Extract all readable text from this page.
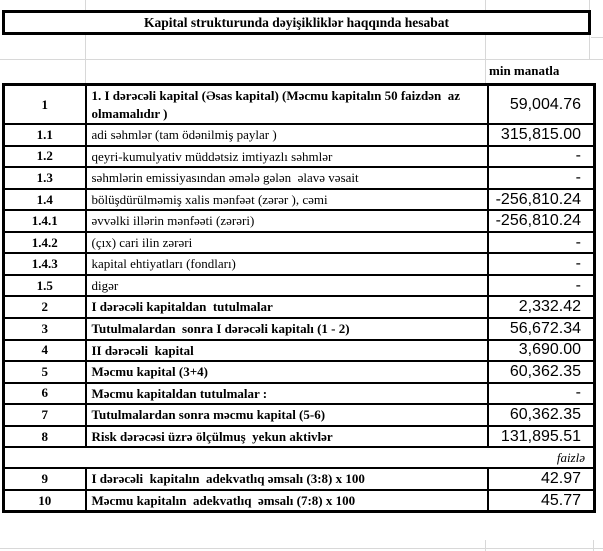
Kapital strukturunda dəyişikliklər haqqında hesabat
min manatla
1	1. I dərəcəli kapital (Əsas kapital) (Məcmu kapitalın 50 faizdən  az olmamalıdır )	59,004.76
1.1	adi səhmlər (tam ödənilmiş paylar )	315,815.00
1.2	qeyri-kumulyativ müddətsiz imtiyazlı səhmlər	-
1.3	səhmlərin emissiyasından əmələ gələn  əlavə vəsait	-
1.4	bölüşdürülməmiş xalis mənfəət (zərər ), cəmi	-256,810.24
1.4.1	əvvəlki illərin mənfəəti (zərəri)	-256,810.24
1.4.2	(çıx) cari ilin zərəri	-
1.4.3	kapital ehtiyatları (fondları)	-
1.5	digər	-
2	I dərəcəli kapitaldan  tutulmalar	2,332.42
3	Tutulmalardan  sonra I dərəcəli kapitalı (1 - 2)	56,672.34
4	II dərəcəli  kapital	3,690.00
5	Məcmu kapital (3+4)	60,362.35
6	Məcmu kapitaldan tutulmalar :	-
7	Tutulmalardan sonra məcmu kapital (5-6)	60,362.35
8	Risk dərəcəsi üzrə ölçülmuş  yekun aktivlər	131,895.51
faizlə		
9	I dərəcəli  kapitalın  adekvatlıq əmsalı (3:8) x 100	42.97
10	Məcmu kapitalın  adekvatlıq  əmsalı (7:8) x 100	45.77
